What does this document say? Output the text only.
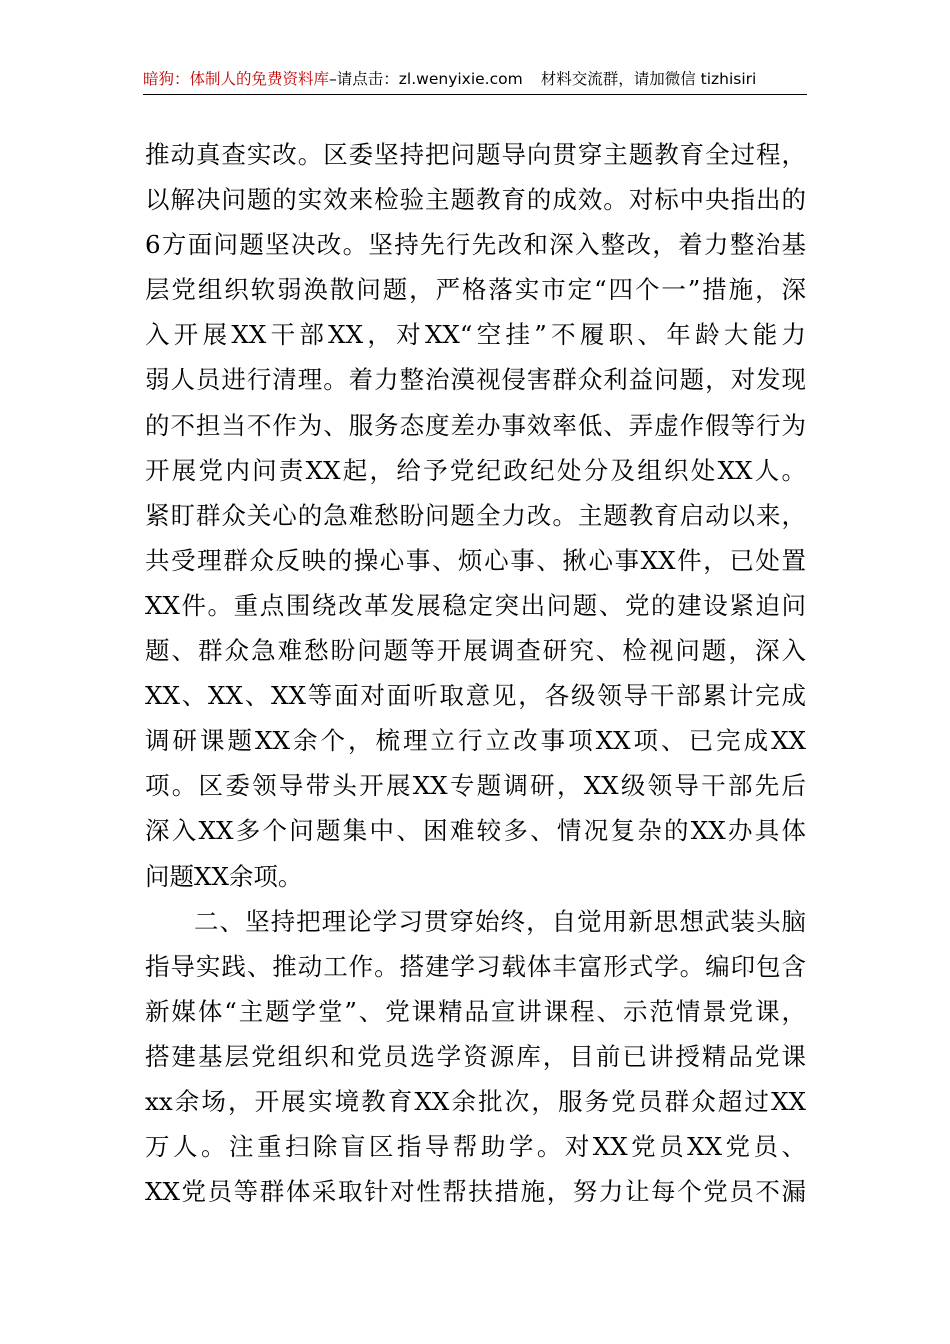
暗狗：体制人的免费资料库–请点击：zl.wenyixie.com 材料交流群，请加微信 tizhisiri

推动真查实改。区委坚持把问题导向贯穿主题教育全过程，

以解决问题的实效来检验主题教育的成效。对标中央指出的

6方面问题坚决改。坚持先行先改和深入整改，着力整治基

层党组织软弱涣散问题，严格落实市定“四个一”措施，深

入开展XX干部XX，对XX“空挂”不履职、年龄大能力

弱人员进行清理。着力整治漠视侵害群众利益问题，对发现

的不担当不作为、服务态度差办事效率低、弄虚作假等行为

开展党内问责XX起，给予党纪政纪处分及组织处XX人。

紧盯群众关心的急难愁盼问题全力改。主题教育启动以来，

共受理群众反映的操心事、烦心事、揪心事XX件，已处置

XX件。重点围绕改革发展稳定突出问题、党的建设紧迫问

题、群众急难愁盼问题等开展调查研究、检视问题，深入

XX、XX、XX等面对面听取意见，各级领导干部累计完成

调研课题XX余个，梳理立行立改事项XX项、已完成XX

项。区委领导带头开展XX专题调研，XX级领导干部先后

深入XX多个问题集中、困难较多、情况复杂的XX办具体

问题XX余项。

二、坚持把理论学习贯穿始终，自觉用新思想武装头脑

指导实践、推动工作。搭建学习载体丰富形式学。编印包含

新媒体“主题学堂”、党课精品宣讲课程、示范情景党课，

搭建基层党组织和党员选学资源库，目前已讲授精品党课

xx余场，开展实境教育XX余批次，服务党员群众超过XX

万人。注重扫除盲区指导帮助学。对XX党员XX党员、

XX党员等群体采取针对性帮扶措施，努力让每个党员不漏
